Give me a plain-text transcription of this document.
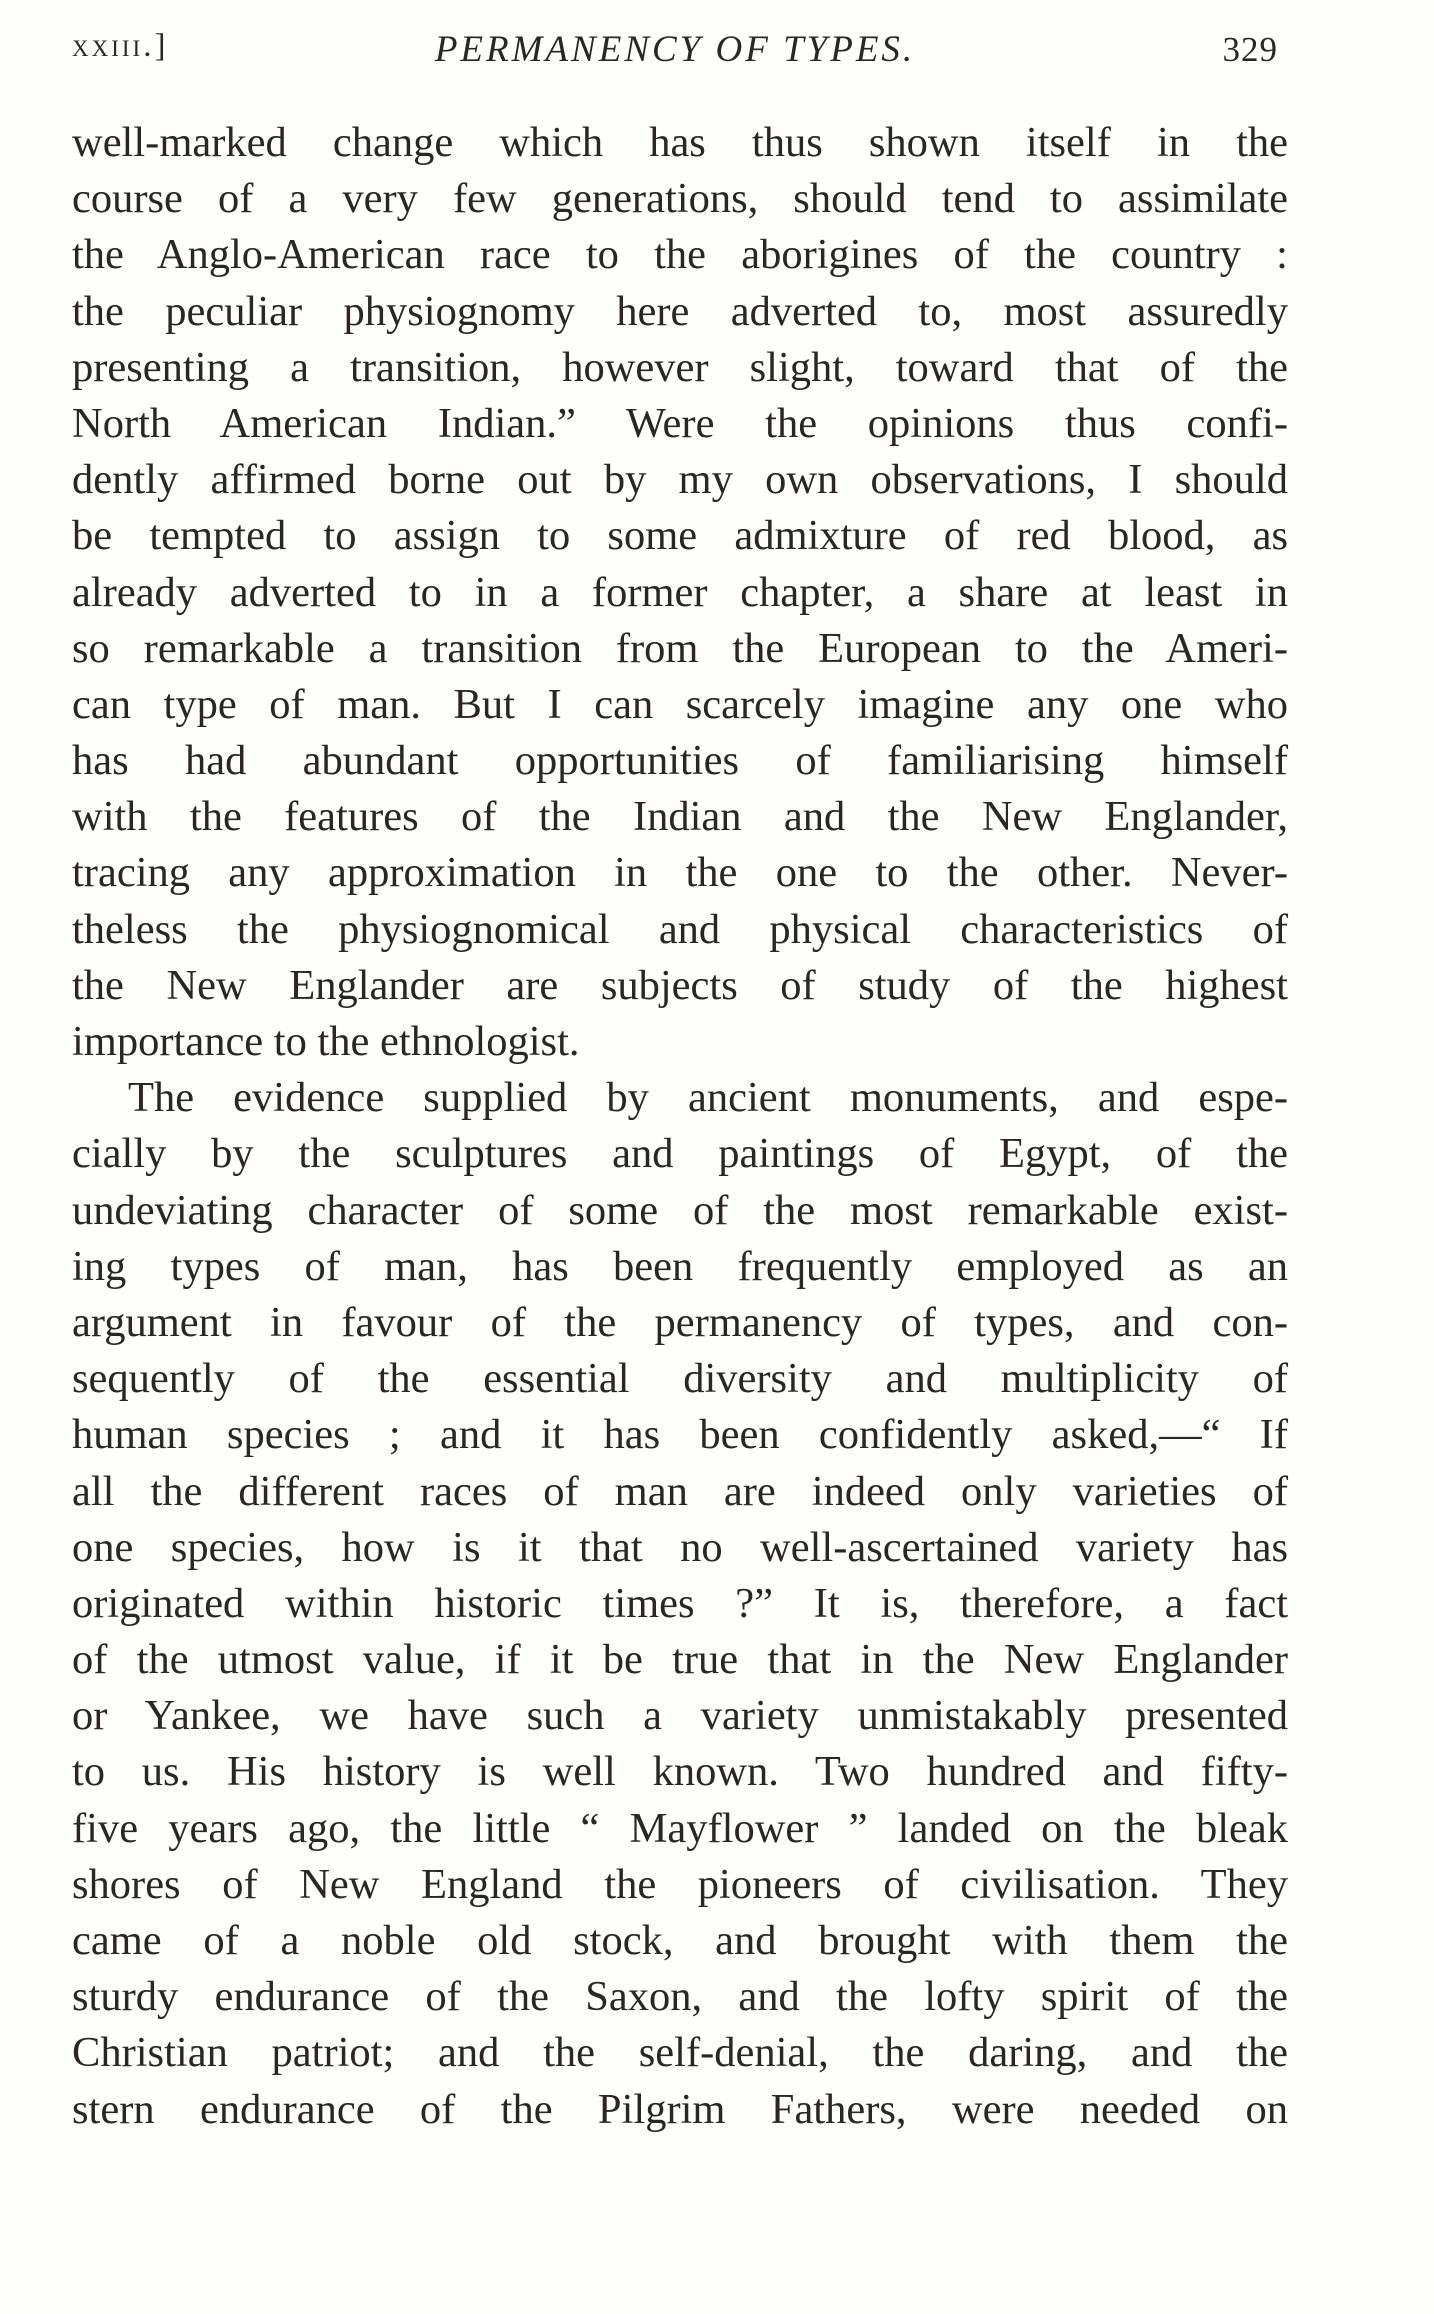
xxiii.]	PERMANENCY OF TYPES.	329
well-marked change which has thus shown itself in the
course of a very few generations, should tend to assimilate
the Anglo-American race to the aborigines of the country :
the peculiar physiognomy here adverted to, most assuredly
presenting a transition, however slight, toward that of the
North American Indian.” Were the opinions thus confi-
dently affirmed borne out by my own observations, I should
be tempted to assign to some admixture of red blood, as
already adverted to in a former chapter, a share at least in
so remarkable a transition from the European to the Ameri-
can type of man. But I can scarcely imagine any one who
has had abundant opportunities of familiarising himself
with the features of the Indian and the New Englander,
tracing any approximation in the one to the other. Never-
theless the physiognomical and physical characteristics of
the New Englander are subjects of study of the highest
importance to the ethnologist.
The evidence supplied by ancient monuments, and espe-
cially by the sculptures and paintings of Egypt, of the
undeviating character of some of the most remarkable exist-
ing types of man, has been frequently employed as an
argument in favour of the permanency of types, and con-
sequently of the essential diversity and multiplicity of
human species ; and it has been confidently asked,—“ If
all the different races of man are indeed only varieties of
one species, how is it that no well-ascertained variety has
originated within historic times ?” It is, therefore, a fact
of the utmost value, if it be true that in the New Englander
or Yankee, we have such a variety unmistakably presented
to us. His history is well known. Two hundred and fifty-
five years ago, the little “ Mayflower ” landed on the bleak
shores of New England the pioneers of civilisation. They
came of a noble old stock, and brought with them the
sturdy endurance of the Saxon, and the lofty spirit of the
Christian patriot; and the self-denial, the daring, and the
stern endurance of the Pilgrim Fathers, were needed on
